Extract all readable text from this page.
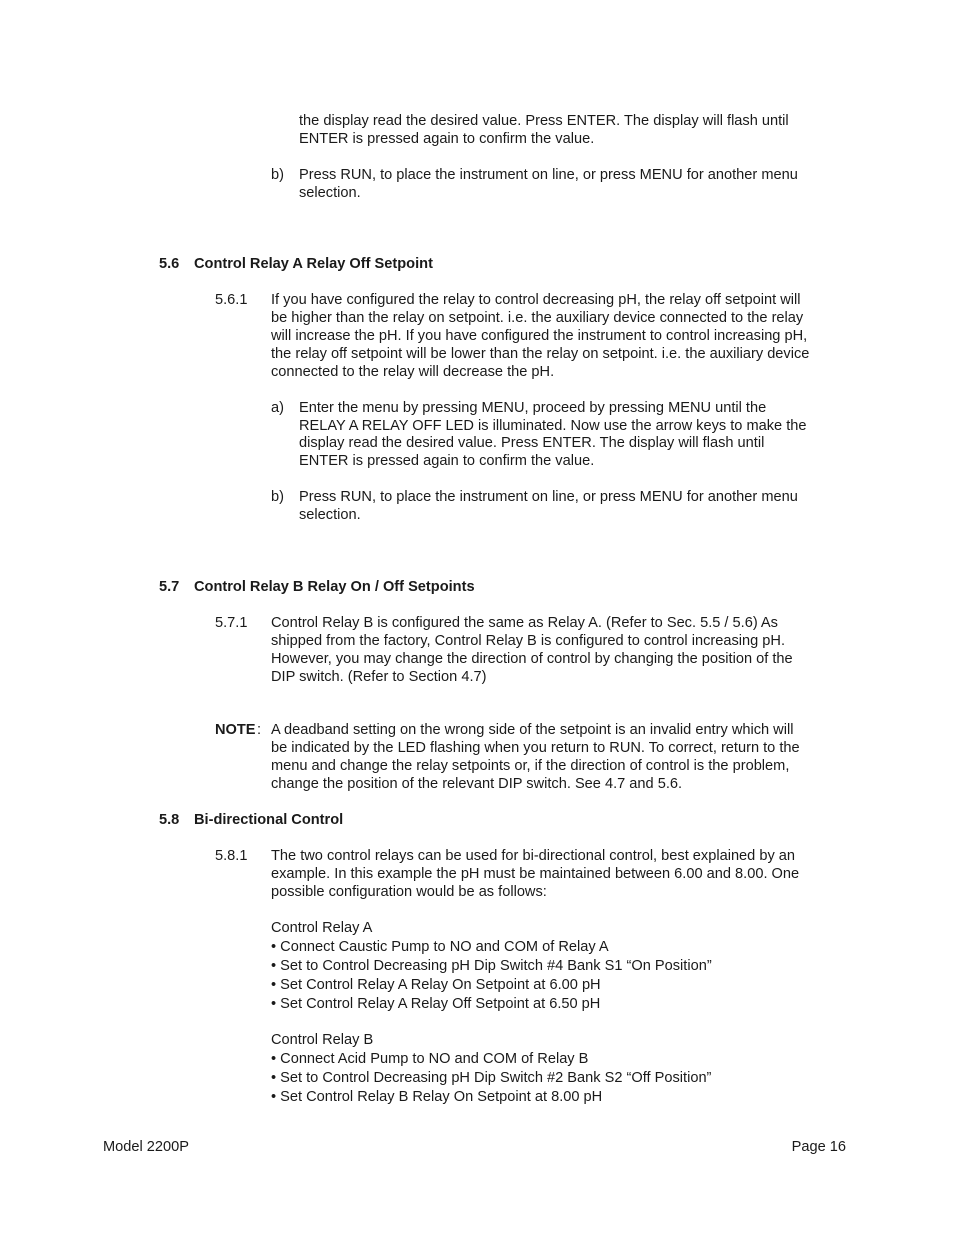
the display read the desired value. Press ENTER. The display will flash until
ENTER is pressed again to confirm the value.
b) Press RUN, to place the instrument on line, or press MENU for another menu
selection.
5.6 Control Relay A Relay Off Setpoint
5.6.1 If you have configured the relay to control decreasing pH, the relay off setpoint will
be higher than the relay on setpoint. i.e. the auxiliary device connected to the relay
will increase the pH. If you have configured the instrument to control increasing pH,
the relay off setpoint will be lower than the relay on setpoint. i.e. the auxiliary device
connected to the relay will decrease the pH.
a) Enter the menu by pressing MENU, proceed by pressing MENU until the
RELAY A RELAY OFF LED is illuminated. Now use the arrow keys to make the
display read the desired value. Press ENTER. The display will flash until
ENTER is pressed again to confirm the value.
b) Press RUN, to place the instrument on line, or press MENU for another menu
selection.
5.7 Control Relay B Relay On / Off Setpoints
5.7.1 Control Relay B is configured the same as Relay A. (Refer to Sec. 5.5 / 5.6) As
shipped from the factory, Control Relay B is configured to control increasing pH.
However, you may change the direction of control by changing the position of the
DIP switch. (Refer to Section 4.7)
NOTE : A deadband setting on the wrong side of the setpoint is an invalid entry which will
be indicated by the LED flashing when you return to RUN. To correct, return to the
menu and change the relay setpoints or, if the direction of control is the problem,
change the position of the relevant DIP switch. See 4.7 and 5.6.
5.8 Bi-directional Control
5.8.1 The two control relays can be used for bi-directional control, best explained by an
example. In this example the pH must be maintained between 6.00 and 8.00. One
possible configuration would be as follows:
Control Relay A
• Connect Caustic Pump to NO and COM of Relay A
• Set to Control Decreasing pH Dip Switch #4 Bank S1 “On Position”
• Set Control Relay A Relay On Setpoint at 6.00 pH
• Set Control Relay A Relay Off Setpoint at 6.50 pH
Control Relay B
• Connect Acid Pump to NO and COM of Relay B
• Set to Control Decreasing pH Dip Switch #2 Bank S2 “Off Position”
• Set Control Relay B Relay On Setpoint at 8.00 pH
Model 2200P	Page 16
